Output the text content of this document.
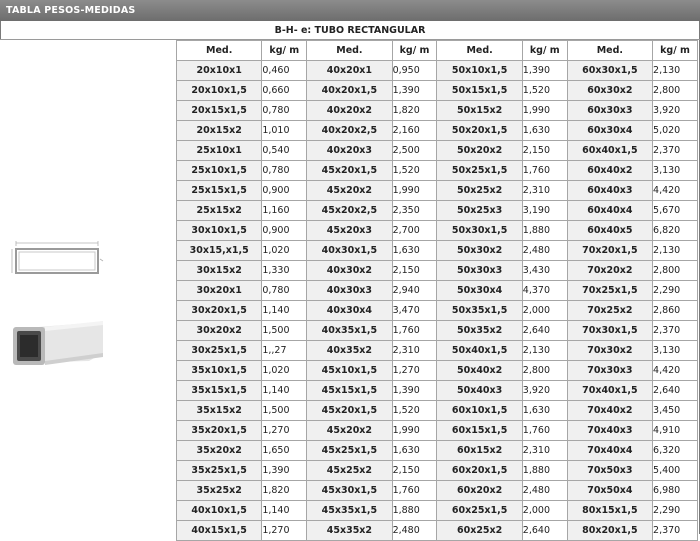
TABLA PESOS-MEDIDAS
B-H- e: TUBO RECTANGULAR
Med.	kg/ m	Med.	kg/ m	Med.	kg/ m	Med.	kg/ m
20x10x1	0,460	40x20x1	0,950	50x10x1,5	1,390	60x30x1,5	2,130
20x10x1,5	0,660	40x20x1,5	1,390	50x15x1,5	1,520	60x30x2	2,800
20x15x1,5	0,780	40x20x2	1,820	50x15x2	1,990	60x30x3	3,920
20x15x2	1,010	40x20x2,5	2,160	50x20x1,5	1,630	60x30x4	5,020
25x10x1	0,540	40x20x3	2,500	50x20x2	2,150	60x40x1,5	2,370
25x10x1,5	0,780	45x20x1,5	1,520	50x25x1,5	1,760	60x40x2	3,130
25x15x1,5	0,900	45x20x2	1,990	50x25x2	2,310	60x40x3	4,420
25x15x2	1,160	45x20x2,5	2,350	50x25x3	3,190	60x40x4	5,670
30x10x1,5	0,900	45x20x3	2,700	50x30x1,5	1,880	60x40x5	6,820
30x15,x1,5	1,020	40x30x1,5	1,630	50x30x2	2,480	70x20x1,5	2,130
30x15x2	1,330	40x30x2	2,150	50x30x3	3,430	70x20x2	2,800
30x20x1	0,780	40x30x3	2,940	50x30x4	4,370	70x25x1,5	2,290
30x20x1,5	1,140	40x30x4	3,470	50x35x1,5	2,000	70x25x2	2,860
30x20x2	1,500	40x35x1,5	1,760	50x35x2	2,640	70x30x1,5	2,370
30x25x1,5	1,,27	40x35x2	2,310	50x40x1,5	2,130	70x30x2	3,130
35x10x1,5	1,020	45x10x1,5	1,270	50x40x2	2,800	70x30x3	4,420
35x15x1,5	1,140	45x15x1,5	1,390	50x40x3	3,920	70x40x1,5	2,640
35x15x2	1,500	45x20x1,5	1,520	60x10x1,5	1,630	70x40x2	3,450
35x20x1,5	1,270	45x20x2	1,990	60x15x1,5	1,760	70x40x3	4,910
35x20x2	1,650	45x25x1,5	1,630	60x15x2	2,310	70x40x4	6,320
35x25x1,5	1,390	45x25x2	2,150	60x20x1,5	1,880	70x50x3	5,400
35x25x2	1,820	45x30x1,5	1,760	60x20x2	2,480	70x50x4	6,980
40x10x1,5	1,140	45x35x1,5	1,880	60x25x1,5	2,000	80x15x1,5	2,290
40x15x1,5	1,270	45x35x2	2,480	60x25x2	2,640	80x20x1,5	2,370
